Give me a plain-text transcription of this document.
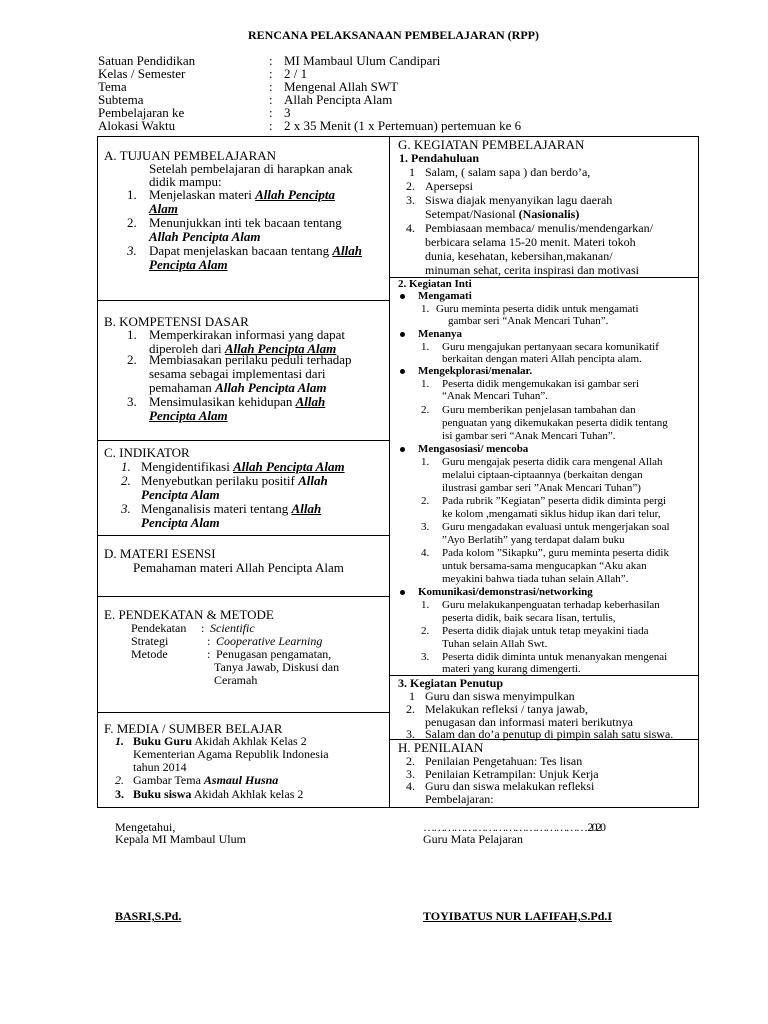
RENCANA PELAKSANAAN PEMBELAJARAN (RPP)
Satuan Pendidikan	: MI Mambaul Ulum Candipari
Kelas / Semester	: 2 / 1
Tema	: Mengenal Allah SWT
Subtema	: Allah Pencipta Alam
Pembelajaran ke	: 3
Alokasi Waktu	: 2 x 35 Menit (1 x Pertemuan) pertemuan ke 6
A. TUJUAN PEMBELAJARAN
Setelah pembelajaran di harapkan anak
didik mampu:
1. Menjelaskan materi Allah Pencipta
Alam
2. Menunjukkan inti tek bacaan tentang
Allah Pencipta Alam
3. Dapat menjelaskan bacaan tentang Allah
Pencipta Alam
B. KOMPETENSI DASAR
1. Memperkirakan informasi yang dapat
diperoleh dari Allah Pencipta Alam
2. Membiasakan perilaku peduli terhadap
sesama sebagai implementasi dari
pemahaman Allah Pencipta Alam
3. Mensimulasikan kehidupan Allah
Pencipta Alam
C. INDIKATOR
1. Mengidentifikasi Allah Pencipta Alam
2. Menyebutkan perilaku positif Allah
Pencipta Alam
3. Menganalisis materi tentang Allah
Pencipta Alam
D. MATERI ESENSI
Pemahaman materi Allah Pencipta Alam
E. PENDEKATAN & METODE
Pendekatan : Scientific
Strategi	: Cooperative Learning
Metode	: Penugasan pengamatan,
Tanya Jawab, Diskusi dan
Ceramah
F. MEDIA / SUMBER BELAJAR
1. Buku Guru Akidah Akhlak Kelas 2
Kementerian Agama Republik Indonesia
tahun 2014
2. Gambar Tema Asmaul Husna
3. Buku siswa Akidah Akhlak kelas 2
G. KEGIATAN PEMBELAJARAN
1. Pendahuluan
1 Salam, ( salam sapa ) dan berdo’a,
2. Apersepsi
3. Siswa diajak menyanyikan lagu daerah
Setempat/Nasional (Nasionalis)
4. Pembiasaan membaca/ menulis/mendengarkan/
berbicara selama 15-20 menit. Materi tokoh
dunia, kesehatan, kebersihan,makanan/
minuman sehat, cerita inspirasi dan motivasi
2. Kegiatan Inti
Mengamati
1. Guru meminta peserta didik untuk mengamati
gambar seri “Anak Mencari Tuhan”.
Menanya
1. Guru mengajukan pertanyaan secara komunikatif
berkaitan dengan materi Allah pencipta alam.
Mengekplorasi/menalar.
1. Peserta didik mengemukakan isi gambar seri
“Anak Mencari Tuhan”.
2. Guru memberikan penjelasan tambahan dan
penguatan yang dikemukakan peserta didik tentang
isi gambar seri “Anak Mencari Tuhan”.
Mengasosiasi/ mencoba
1. Guru mengajak peserta didik cara mengenal Allah
melalui ciptaan-ciptaannya (berkaitan dengan
ilustrasi gambar seri ”Anak Mencari Tuhan”)
2. Pada rubrik ”Kegiatan” peserta didik diminta pergi
ke kolom ,mengamati siklus hidup ikan dari telur,
3. Guru mengadakan evaluasi untuk mengerjakan soal
”Ayo Berlatih” yang terdapat dalam buku
4. Pada kolom ”Sikapku”, guru meminta peserta didik
untuk bersama-sama mengucapkan “Aku akan
meyakini bahwa tiada tuhan selain Allah”.
Komunikasi/demonstrasi/networking
1. Guru melakukanpenguatan terhadap keberhasilan
peserta didik, baik secara lisan, tertulis,
2. Peserta didik diajak untuk tetap meyakini tiada
Tuhan selain Allah Swt.
3. Peserta didik diminta untuk menanyakan mengenai
materi yang kurang dimengerti.
3. Kegiatan Penutup
1 Guru dan siswa menyimpulkan
2. Melakukan refleksi / tanya jawab,
penugasan dan informasi materi berikutnya
3. Salam dan do’a penutup di pimpin salah satu siswa.
H. PENILAIAN
2. Penilaian Pengetahuan: Tes lisan
3. Penilaian Ketrampilan: Unjuk Kerja
4. Guru dan siswa melakukan refleksi
Pembelajaran:
Mengetahui,
Kepala MI Mambaul Ulum
BASRI,S.Pd.
………………………………………… 2020
Guru Mata Pelajaran
TOYIBATUS NUR LAFIFAH,S.Pd.I
